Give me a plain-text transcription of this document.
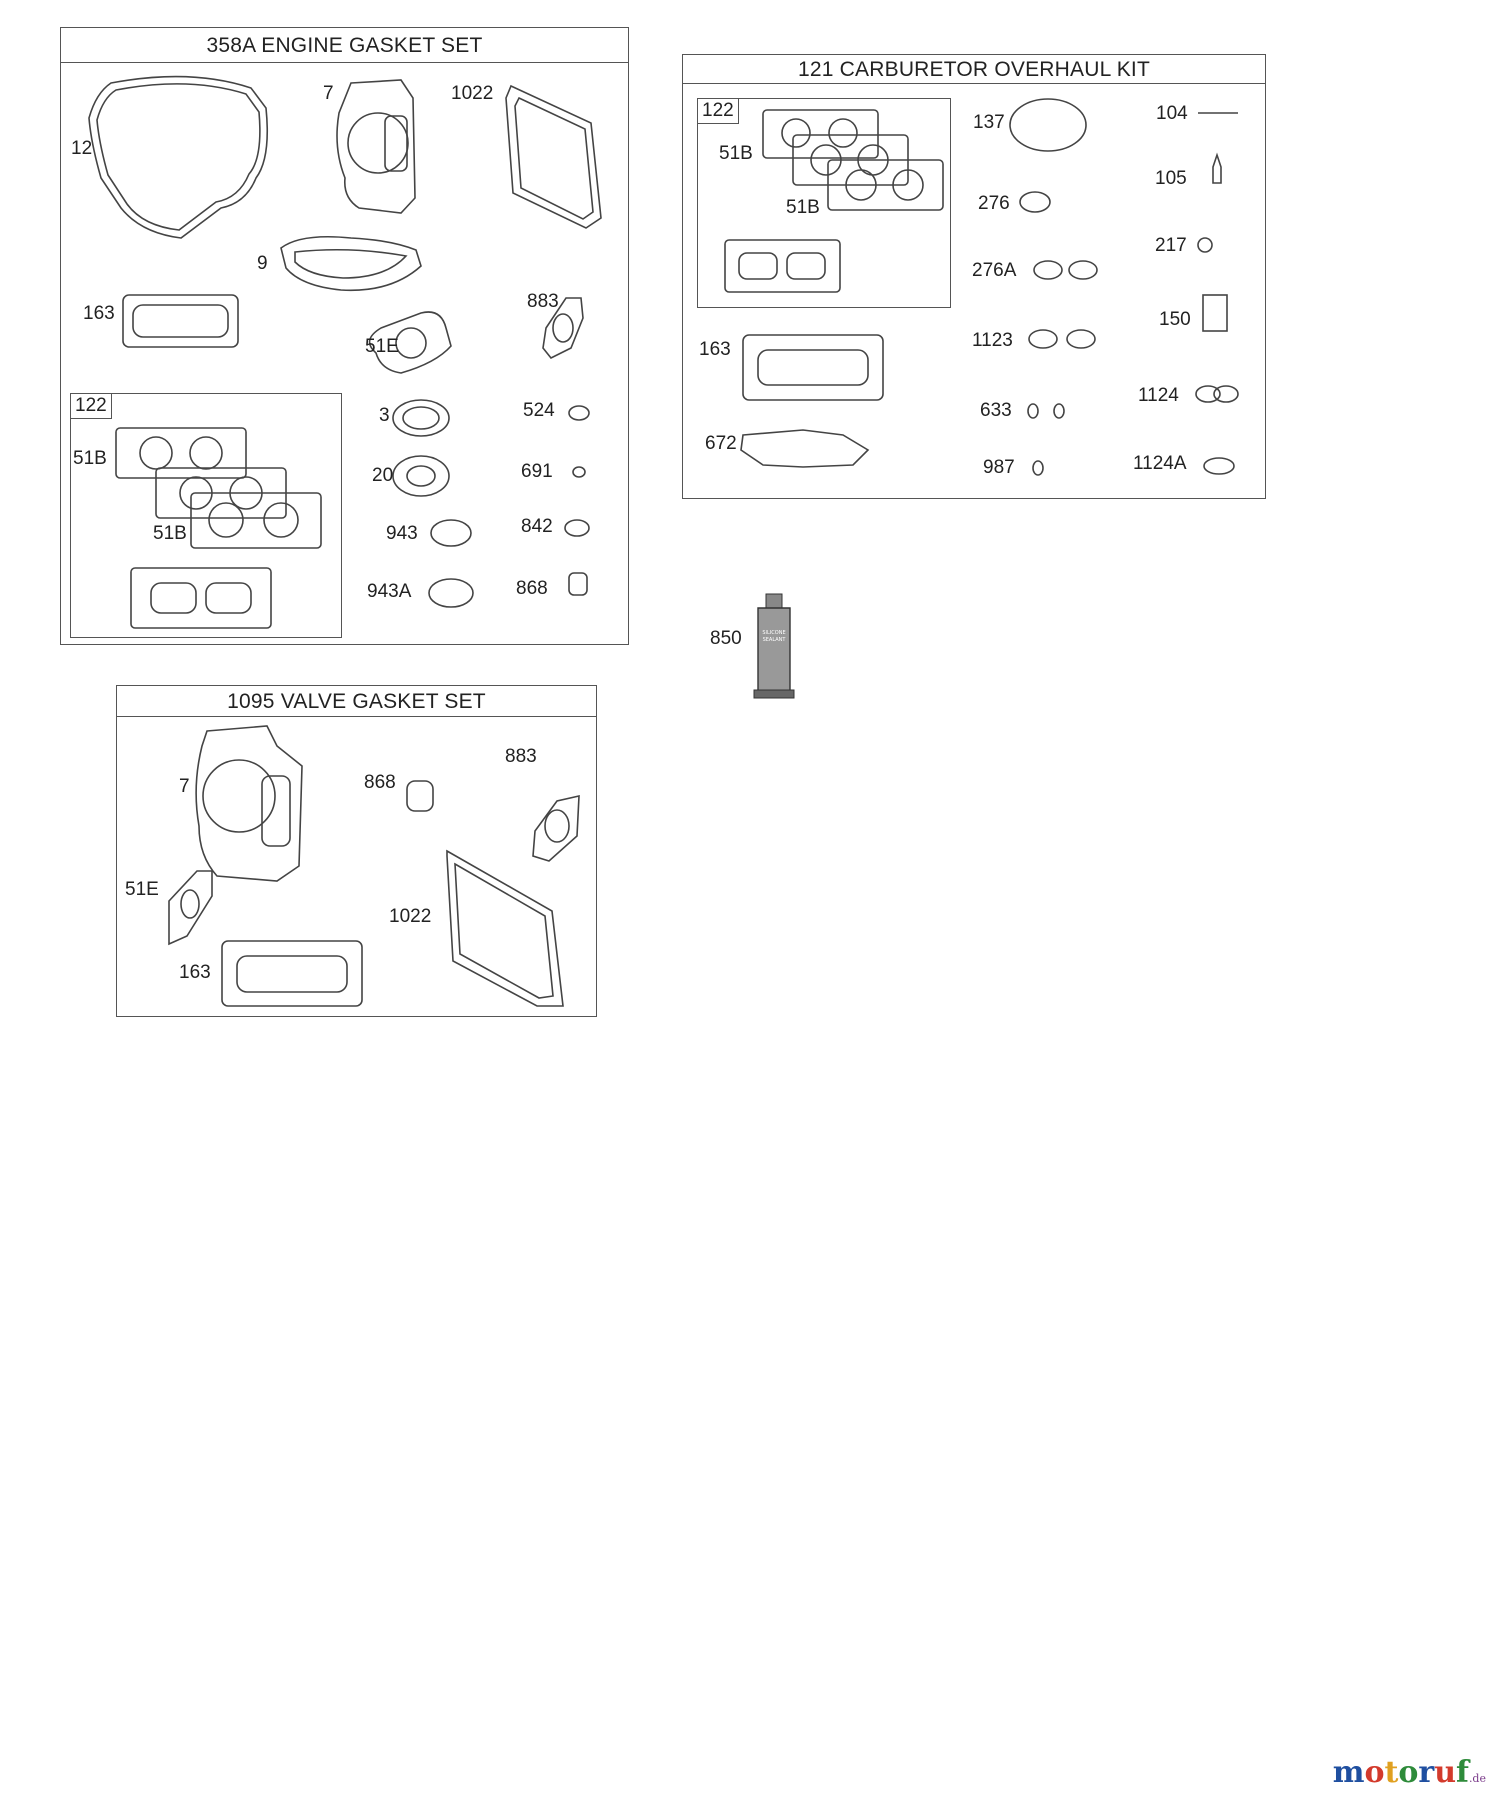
358A ENGINE GASKET SET
12
7	1022
9
163
883
51E
3	524
20	691
943	842
943A	868
122
51B
51B
121 CARBURETOR OVERHAUL KIT
122
51B
51B
137	104
105
276
217
276A
150
1123
163
1124
633
672
987	1124A
850	SILICONE
SEALANT
1095 VALVE GASKET SET
7	868
883
51E
1022
163
motoruf.de
